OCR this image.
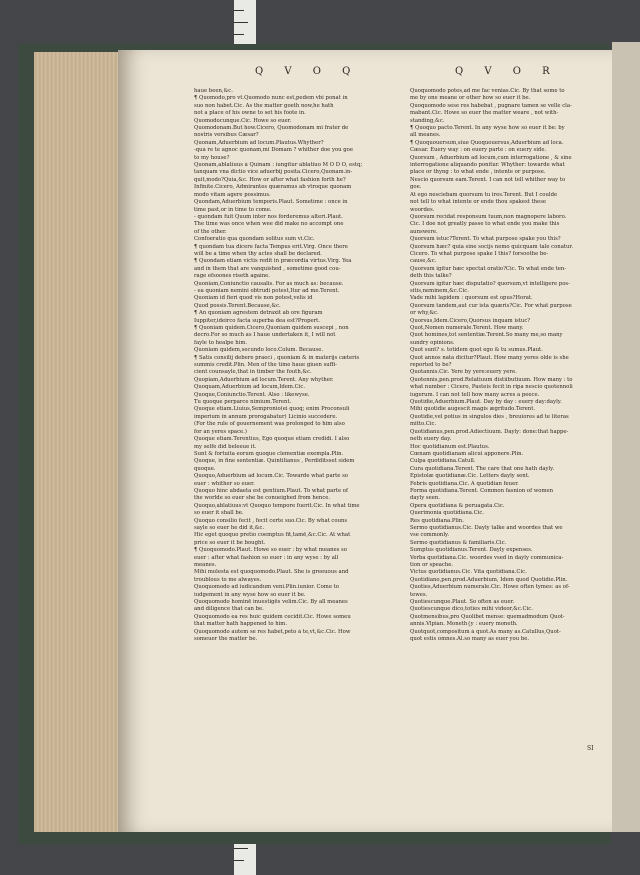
Q V O Q	Q V O R

haue been,&c.

¶ Quomodo,pro vt.Quomodo nunc est,pedem vbi ponat in

suo non habet.Cic. As the matter goeth now,he hath

not a place of his owne to set his foote in.

Quomodocunque.Cic. Howe so euer.

Quomodonam.But how.Cicero, Quomodonam mi frater de

nostris versibus Cæsar?

Quonam,Aduerbium ad locum.Plautus.Whyther?

-quà re te agnoc quonam,mi Domam ? whither doe you goe

to my house?

Quonam,ablatiuus à Quinam : iungitur ablatiuo M O D O, estq;

tanquam vna dictio vice aduerbij posita.Cicero,Quonam.in-

quit,modo?Quia,&c. How or after what fashion forth he?

Infinite.Cicero, Admirantes quæramus ab vtroque quonam

modo vitam agere possimus.

Quondam,Aduerbium temporis.Plaut. Sometime : once in

time past,or in time to come.

- quondam fuit Quum inter nos forderemus alteri.Plaut.

The time was once when wee did make no accompt one

of the other.

Confoeratio qua quondam solitus sum vi.Cic.

¶ quondam tua dicere facta Tempus erit.Virg. Once there

will be a time when thy actes shall be declared.

¶ Quondam etiam victis redit in præcordia virtus.Virg. Yea

and in them that are vanquished , sometime good cou-

rage efsoones riseth againe.

Quoniam,Coniunctio causalis. For as much as: because.

- ea quoniam nemini obtrudi potest,Itur ad me.Terent.

Quoniam id fieri quod vis non potest,velis id

Quod possis.Terent.Because,&c.

¶ An quoniam agrestem detraxit ab ore figuram

Iuppiter,ideirco facta superba dea est?Propert.

¶ Quoniam quidem.Cicero,Quoniam quidem suscepi , non

decro.For so much as I haue undertaken it, I will not

fayle to healpe him.

Quoniam quidem,secundo loco.Colum. Because.

¶ Satis consilij debere praeci , quoniam & in materijs cæteris

summis credit.Plin. Men of the time haue giuen suffi-

cient counsayle,that in timber the fouth,&c.

Quopiam,Aduerbium ad locum.Terent. Any whyther.

Quoquam,Aduerbium ad locum,Idem.Cic.

Quoque,Coniunctio.Terent. Also : likewyse.

Tu quoque perparce nimium.Terent.

Quoque etiam.Liuius,Sempronio(ei quoq; enim Proconsuli

imperium in annum prorogabatur) Licinio succedere.

(For the rule of gouernement was prolonged to him also

for an yeres space.)

Quoque etiam.Terentius, Ego quoque etiam credidi. I also

my selfe did beleeue it.

Sunt & fortuita eorum quoque clementiæ exempla.Plin.

Quoque, in fine sententiæ. Quintilianus , Perdiditsset sidem

quoque.

Quoquo,Aduerbium ad locum.Cic. Towarde what parte so

euer : whither so euer.

Quoquo hinc abdaeta est gentium.Plaut. To what parte of

the worlde so euer she be conueighed from hence.

Quoquo,ablatiuus:vt Quoquo tempore fuerit.Cic. In what time

so euer it shall be.

Quoquo consilio fecit , fecit certe suo.Cic. By what couns

sayle so euer he did it,&c.

Hic eget quoquo pretio coemptus fit,tamē,&c.Cic. At what

price so euer it be bought.

¶ Quoquomodo.Plaut. Howe so euer : by what meanes so

euer : after what fashion so euer : in any wyse : by all

meanes.

Mihi molesta est quoquomodo.Plaut. She is greeuous and

troublous to me alwayes.

Quoquomodo ad iudicandum veni.Plin.iunior. Come to

iudgement in any wyse how so euer it be.

Quoquomodo hominē inuestigēs velim.Cic. By all meanes

and diligence that can be.

Quoquomodo ea res huic quidem cecidit.Cic. Howe someu

that matter hath happened to him.

Quoquomodo autem se res habet,peto à te,vt,&c.Cic. How

someuer the matter be.

Quoquomodo potes,ad me fac venias.Cic. By that some to

me by one meane or other how so euer it be.

Quoquomodo sese res habebat , pugnare tamen se velle cla-

mabant.Cic. Howe so euer the matter weare , not with-

standing,&c.

¶ Quoquo pacto.Terent. In any wyse how so euer it be: by

all meanes.

¶ Quoquouersum,siue Quoquouersus,Aduerbium ad loca.

Cæsar. Euery way : on euery parte : on euery side.

Quorsum , Aduerbium ad locum,cum interrogatione , & sine

interrogatione aliquando ponitur. Whyther: towarde what

place or thyng : to what ende , intente or purpose.

Nescio quorsum eam.Terent. I can not tell whither way to

goe.

At ego nesciebam quorsum tu ires.Terent. But I coulde

not tell to what intente or ende thou spakest these

woordes.

Quorsum recidat responsum tuum,non magnopere laboro.

Cic. I doe not greatly passe to what ende you make this

aunswere.

Quorsum istuc?Terent. To what purpose spake you this?

Quorsum hæc? quia sine socijs nemo quicquam tale conatur.

Cicero. To what purpose spake I this? forsoothe be-

cause,&c.

Quorsum igitur hæc spectat oratio?Cic. To what ende ten-

deth this talke?

Quorsum igitur hæc disputatio? quorsum,vt intelligere pos-

sitis,neminem,&c.Cic.

Vade mihi lapidem : quorsum est opus?Horat.

Quorsum tandem,aut cur ista quæris?Cic. For what purpose

or why,&c.

Quorsus,Idem.Cicero,Quorsus inquam istuc?

Quot,Nomen numerale.Terent. How many.

Quot homines,tot sententiæ.Terent.So many me,so many

sundry opinions.

Quot sunt? s. totidem quot ego & tu sumus.Plaut.

Quot annos nata dicitur?Plaut. How many yeres olde is she

reported to be?

Quotannis.Cic. Yere by yere:euery yere.

Quotennis,pen.prod.Relatiuum distiibutiuum. How many : to

what number : Cicero, Pasteis fecit in ripa nescio quotennoli

iugerum. I can not tell how many acres a peece.

Quotidie,Aduerbium.Plaut. Day by day : euery day:dayly.

Mihi quotidie augescit magis ægritudo.Terent.

Quotidie,vel potius in singulos dies , breuiores ad te literas

mitto.Cic.

Quotidianus,pen.prod.Adiectiuum. Dayly: done:that happe-

neth euery day.

Hoc quotidianum est.Plautus.

Cœnam quotidianam alicui apponere.Plin.

Culpa quotidiana.Catull.

Cura quotidiana.Terent. The care that one hath dayly.

Epistolæ quotidianæ.Cic. Letters dayly sent.

Febris quotidiana.Cic. A quotidian feuer.

Forma quotidiana.Terent. Common fasnion of women

dayly seen.

Opera quotidiana & peruagata.Cic.

Querimonia quotidiana.Cic.

Res quotidiana.Plin.

Sermo quotidianus.Cic. Dayly talke and woordes that we

vse commonly.

Sermo quotidianus & familiaris.Cic.

Sumptus quotidianus.Terent. Dayly expenses.

Verba quotidiana.Cic. woordes vsed in dayly communica-

tion or speache.

Victus quotidianus.Cic. Vita quotidiana.Cic.

Quotidiano,pen.prod.Aduerbium, Idem quod Quotidie.Plin.

Quoties,Aduerbium numerale.Cic. Howe often tymes: as of-

tewes.

Quotiescunque.Plaut. So often as euer.

Quotiescunque dico,toties mihi videor,&c.Cic.

Quotmensibus,pro Quolibet mense: quemadmodum Quot-

annis.Vlpian. Moneth{y : euery moneth.

Quotquot,compositum à quot.As many as.Catullus,Quot-

quot estis omnes.Al.so many as euer you be.

SI
